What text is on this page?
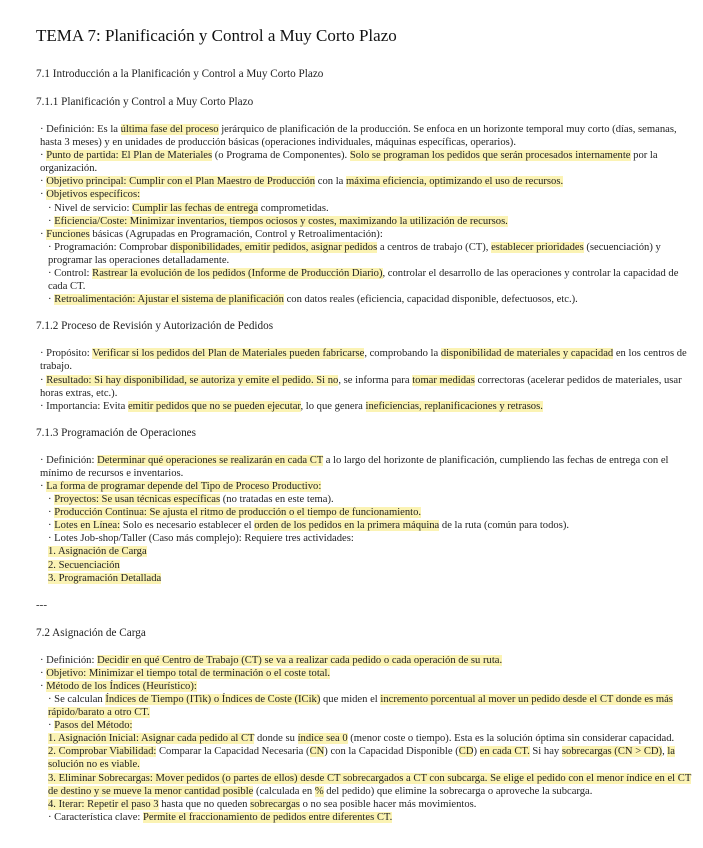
TEMA 7: Planificación y Control a Muy Corto Plazo
7.1 Introducción a la Planificación y Control a Muy Corto Plazo
7.1.1 Planificación y Control a Muy Corto Plazo
· Definición: Es la última fase del proceso jerárquico de planificación de la producción. Se enfoca en un horizonte temporal muy corto (días, semanas, hasta 3 meses) y en unidades de producción básicas (operaciones individuales, máquinas específicas, operarios).
· Punto de partida: El Plan de Materiales (o Programa de Componentes). Solo se programan los pedidos que serán procesados internamente por la organización.
· Objetivo principal: Cumplir con el Plan Maestro de Producción con la máxima eficiencia, optimizando el uso de recursos.
· Objetivos específicos:
· Nivel de servicio: Cumplir las fechas de entrega comprometidas.
· Eficiencia/Coste: Minimizar inventarios, tiempos ociosos y costes, maximizando la utilización de recursos.
· Funciones básicas (Agrupadas en Programación, Control y Retroalimentación):
· Programación: Comprobar disponibilidades, emitir pedidos, asignar pedidos a centros de trabajo (CT), establecer prioridades (secuenciación) y programar las operaciones detalladamente.
· Control: Rastrear la evolución de los pedidos (Informe de Producción Diario), controlar el desarrollo de las operaciones y controlar la capacidad de cada CT.
· Retroalimentación: Ajustar el sistema de planificación con datos reales (eficiencia, capacidad disponible, defectuosos, etc.).
7.1.2 Proceso de Revisión y Autorización de Pedidos
· Propósito: Verificar si los pedidos del Plan de Materiales pueden fabricarse, comprobando la disponibilidad de materiales y capacidad en los centros de trabajo.
· Resultado: Si hay disponibilidad, se autoriza y emite el pedido. Si no, se informa para tomar medidas correctoras (acelerar pedidos de materiales, usar horas extras, etc.).
· Importancia: Evita emitir pedidos que no se pueden ejecutar, lo que genera ineficiencias, replanificaciones y retrasos.
7.1.3 Programación de Operaciones
· Definición: Determinar qué operaciones se realizarán en cada CT a lo largo del horizonte de planificación, cumpliendo las fechas de entrega con el mínimo de recursos e inventarios.
· La forma de programar depende del Tipo de Proceso Productivo:
· Proyectos: Se usan técnicas específicas (no tratadas en este tema).
· Producción Continua: Se ajusta el ritmo de producción o el tiempo de funcionamiento.
· Lotes en Línea: Solo es necesario establecer el orden de los pedidos en la primera máquina de la ruta (común para todos).
· Lotes Job-shop/Taller (Caso más complejo): Requiere tres actividades:
1. Asignación de Carga
2. Secuenciación
3. Programación Detallada
---
7.2 Asignación de Carga
· Definición: Decidir en qué Centro de Trabajo (CT) se va a realizar cada pedido o cada operación de su ruta.
· Objetivo: Minimizar el tiempo total de terminación o el coste total.
· Método de los Índices (Heurístico):
· Se calculan Índices de Tiempo (ITik) o Índices de Coste (ICik) que miden el incremento porcentual al mover un pedido desde el CT donde es más rápido/barato a otro CT.
· Pasos del Método:
1. Asignación Inicial: Asignar cada pedido al CT donde su índice sea 0 (menor coste o tiempo). Esta es la solución óptima sin considerar capacidad.
2. Comprobar Viabilidad: Comparar la Capacidad Necesaria (CN) con la Capacidad Disponible (CD) en cada CT. Si hay sobrecargas (CN > CD), la solución no es viable.
3. Eliminar Sobrecargas: Mover pedidos (o partes de ellos) desde CT sobrecargados a CT con subcarga. Se elige el pedido con el menor índice en el CT de destino y se mueve la menor cantidad posible (calculada en % del pedido) que elimine la sobrecarga o aproveche la subcarga.
4. Iterar: Repetir el paso 3 hasta que no queden sobrecargas o no sea posible hacer más movimientos.
· Característica clave: Permite el fraccionamiento de pedidos entre diferentes CT.
